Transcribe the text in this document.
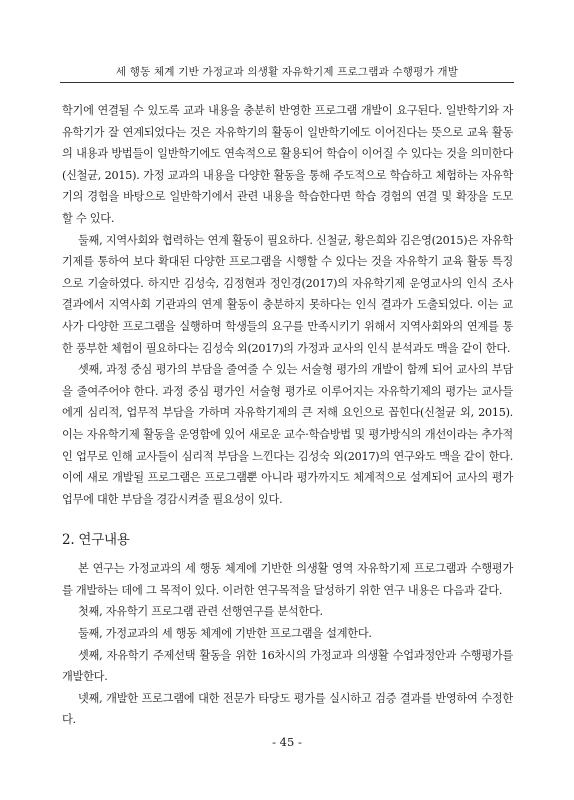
세 행동 체계 기반 가정교과 의생활 자유학기제 프로그램과 수행평가 개발

학기에 연결될 수 있도록 교과 내용을 충분히 반영한 프로그램 개발이 요구된다. 일반학기와 자유학기가 잘 연계되었다는 것은 자유학기의 활동이 일반학기에도 이어진다는 뜻으로 교육 활동의 내용과 방법들이 일반학기에도 연속적으로 활용되어 학습이 이어질 수 있다는 것을 의미한다(신철균, 2015). 가정 교과의 내용을 다양한 활동을 통해 주도적으로 학습하고 체험하는 자유학기의 경험을 바탕으로 일반학기에서 관련 내용을 학습한다면 학습 경험의 연결 및 확장을 도모할 수 있다.

둘째, 지역사회와 협력하는 연계 활동이 필요하다. 신철균, 황은희와 김은영(2015)은 자유학기제를 통하여 보다 확대된 다양한 프로그램을 시행할 수 있다는 것을 자유학기 교육 활동 특징으로 기술하였다. 하지만 김성숙, 김정현과 정인경(2017)의 자유학기제 운영교사의 인식 조사 결과에서 지역사회 기관과의 연계 활동이 충분하지 못하다는 인식 결과가 도출되었다. 이는 교사가 다양한 프로그램을 실행하며 학생들의 요구를 만족시키기 위해서 지역사회와의 연계를 통한 풍부한 체험이 필요하다는 김성숙 외(2017)의 가정과 교사의 인식 분석과도 맥을 같이 한다.

셋째, 과정 중심 평가의 부담을 줄여줄 수 있는 서술형 평가의 개발이 함께 되어 교사의 부담을 줄여주어야 한다. 과정 중심 평가인 서술형 평가로 이루어지는 자유학기제의 평가는 교사들에게 심리적, 업무적 부담을 가하며 자유학기제의 큰 저해 요인으로 꼽힌다(신철균 외, 2015). 이는 자유학기제 활동을 운영함에 있어 새로운 교수·학습방법 및 평가방식의 개선이라는 추가적인 업무로 인해 교사들이 심리적 부담을 느낀다는 김성숙 외(2017)의 연구와도 맥을 같이 한다. 이에 새로 개발될 프로그램은 프로그램뿐 아니라 평가까지도 체계적으로 설계되어 교사의 평가 업무에 대한 부담을 경감시켜줄 필요성이 있다.

2. 연구내용

본 연구는 가정교과의 세 행동 체계에 기반한 의생활 영역 자유학기제 프로그램과 수행평가를 개발하는 데에 그 목적이 있다. 이러한 연구목적을 달성하기 위한 연구 내용은 다음과 같다.

첫째, 자유학기 프로그램 관련 선행연구를 분석한다.

둘째, 가정교과의 세 행동 체계에 기반한 프로그램을 설계한다.

셋째, 자유학기 주제선택 활동을 위한 16차시의 가정교과 의생활 수업과정안과 수행평가를 개발한다.

넷째, 개발한 프로그램에 대한 전문가 타당도 평가를 실시하고 검증 결과를 반영하여 수정한다.

- 45 -
